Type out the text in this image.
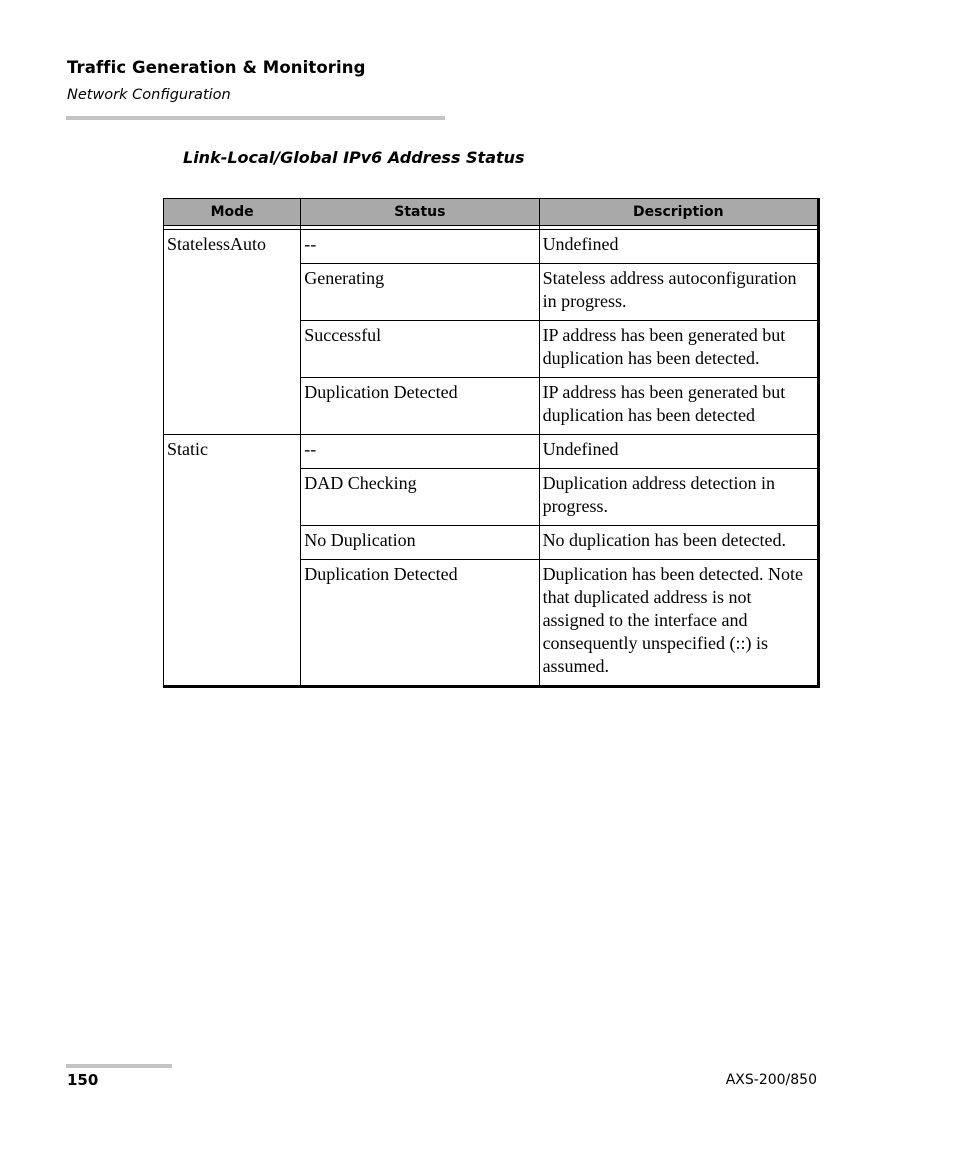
Traffic Generation & Monitoring
Network Configuration
Link-Local/Global IPv6 Address Status
Mode	Status	Description

StatelessAuto	--	Undefined
	Generating	Stateless address autoconfiguration in progress.
	Successful	IP address has been generated but duplication has been detected.
	Duplication Detected	IP address has been generated but duplication has been detected
Static	--	Undefined
	DAD Checking	Duplication address detection in progress.
	No Duplication	No duplication has been detected.
	Duplication Detected	Duplication has been detected. Note that duplicated address is not assigned to the interface and consequently unspecified (::) is assumed.
150	AXS-200/850
